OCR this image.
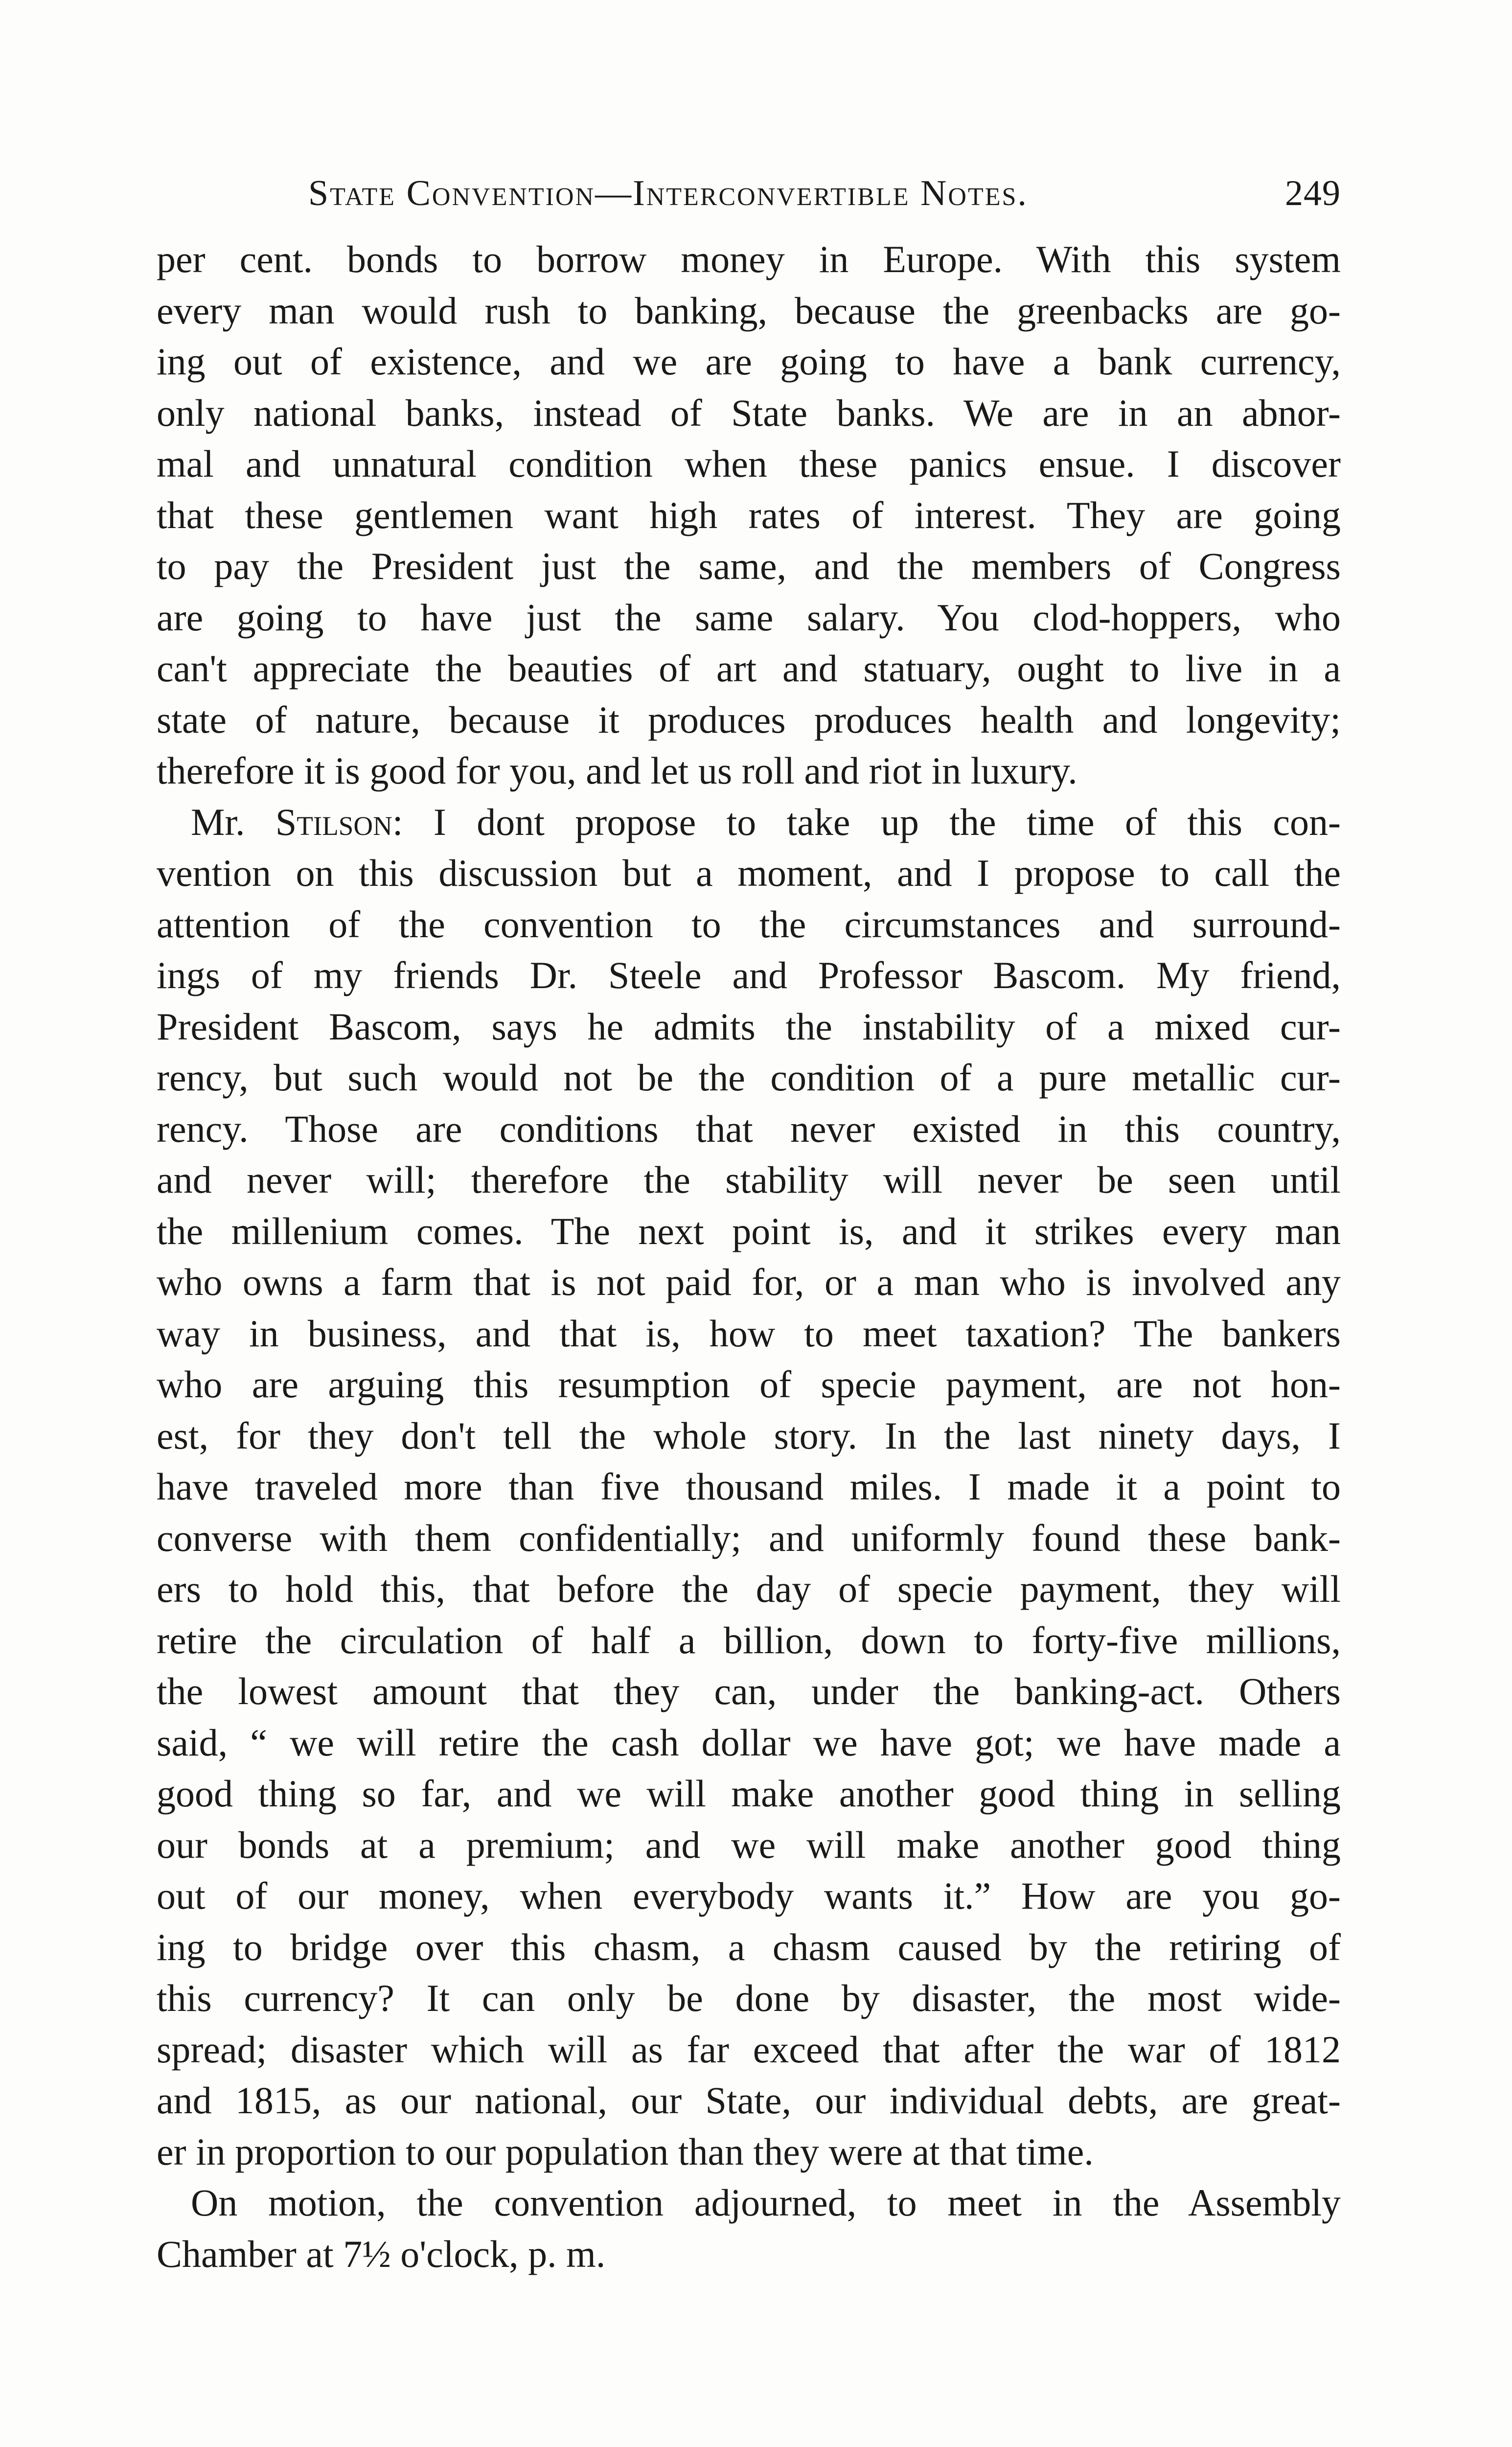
State Convention—Interconvertible Notes.	249
per cent. bonds to borrow money in Europe. With this system
every man would rush to banking, because the greenbacks are go-
ing out of existence, and we are going to have a bank currency,
only national banks, instead of State banks. We are in an abnor-
mal and unnatural condition when these panics ensue. I discover
that these gentlemen want high rates of interest. They are going
to pay the President just the same, and the members of Congress
are going to have just the same salary. You clod-hoppers, who
can't appreciate the beauties of art and statuary, ought to live in a
state of nature, because it produces produces health and longevity;
therefore it is good for you, and let us roll and riot in luxury.
Mr. Stilson: I dont propose to take up the time of this con-
vention on this discussion but a moment, and I propose to call the
attention of the convention to the circumstances and surround-
ings of my friends Dr. Steele and Professor Bascom. My friend,
President Bascom, says he admits the instability of a mixed cur-
rency, but such would not be the condition of a pure metallic cur-
rency. Those are conditions that never existed in this country,
and never will; therefore the stability will never be seen until
the millenium comes. The next point is, and it strikes every man
who owns a farm that is not paid for, or a man who is involved any
way in business, and that is, how to meet taxation? The bankers
who are arguing this resumption of specie payment, are not hon-
est, for they don't tell the whole story. In the last ninety days, I
have traveled more than five thousand miles. I made it a point to
converse with them confidentially; and uniformly found these bank-
ers to hold this, that before the day of specie payment, they will
retire the circulation of half a billion, down to forty-five millions,
the lowest amount that they can, under the banking-act. Others
said, “ we will retire the cash dollar we have got; we have made a
good thing so far, and we will make another good thing in selling
our bonds at a premium; and we will make another good thing
out of our money, when everybody wants it.” How are you go-
ing to bridge over this chasm, a chasm caused by the retiring of
this currency? It can only be done by disaster, the most wide-
spread; disaster which will as far exceed that after the war of 1812
and 1815, as our national, our State, our individual debts, are great-
er in proportion to our population than they were at that time.
On motion, the convention adjourned, to meet in the Assembly
Chamber at 7½ o'clock, p. m.
